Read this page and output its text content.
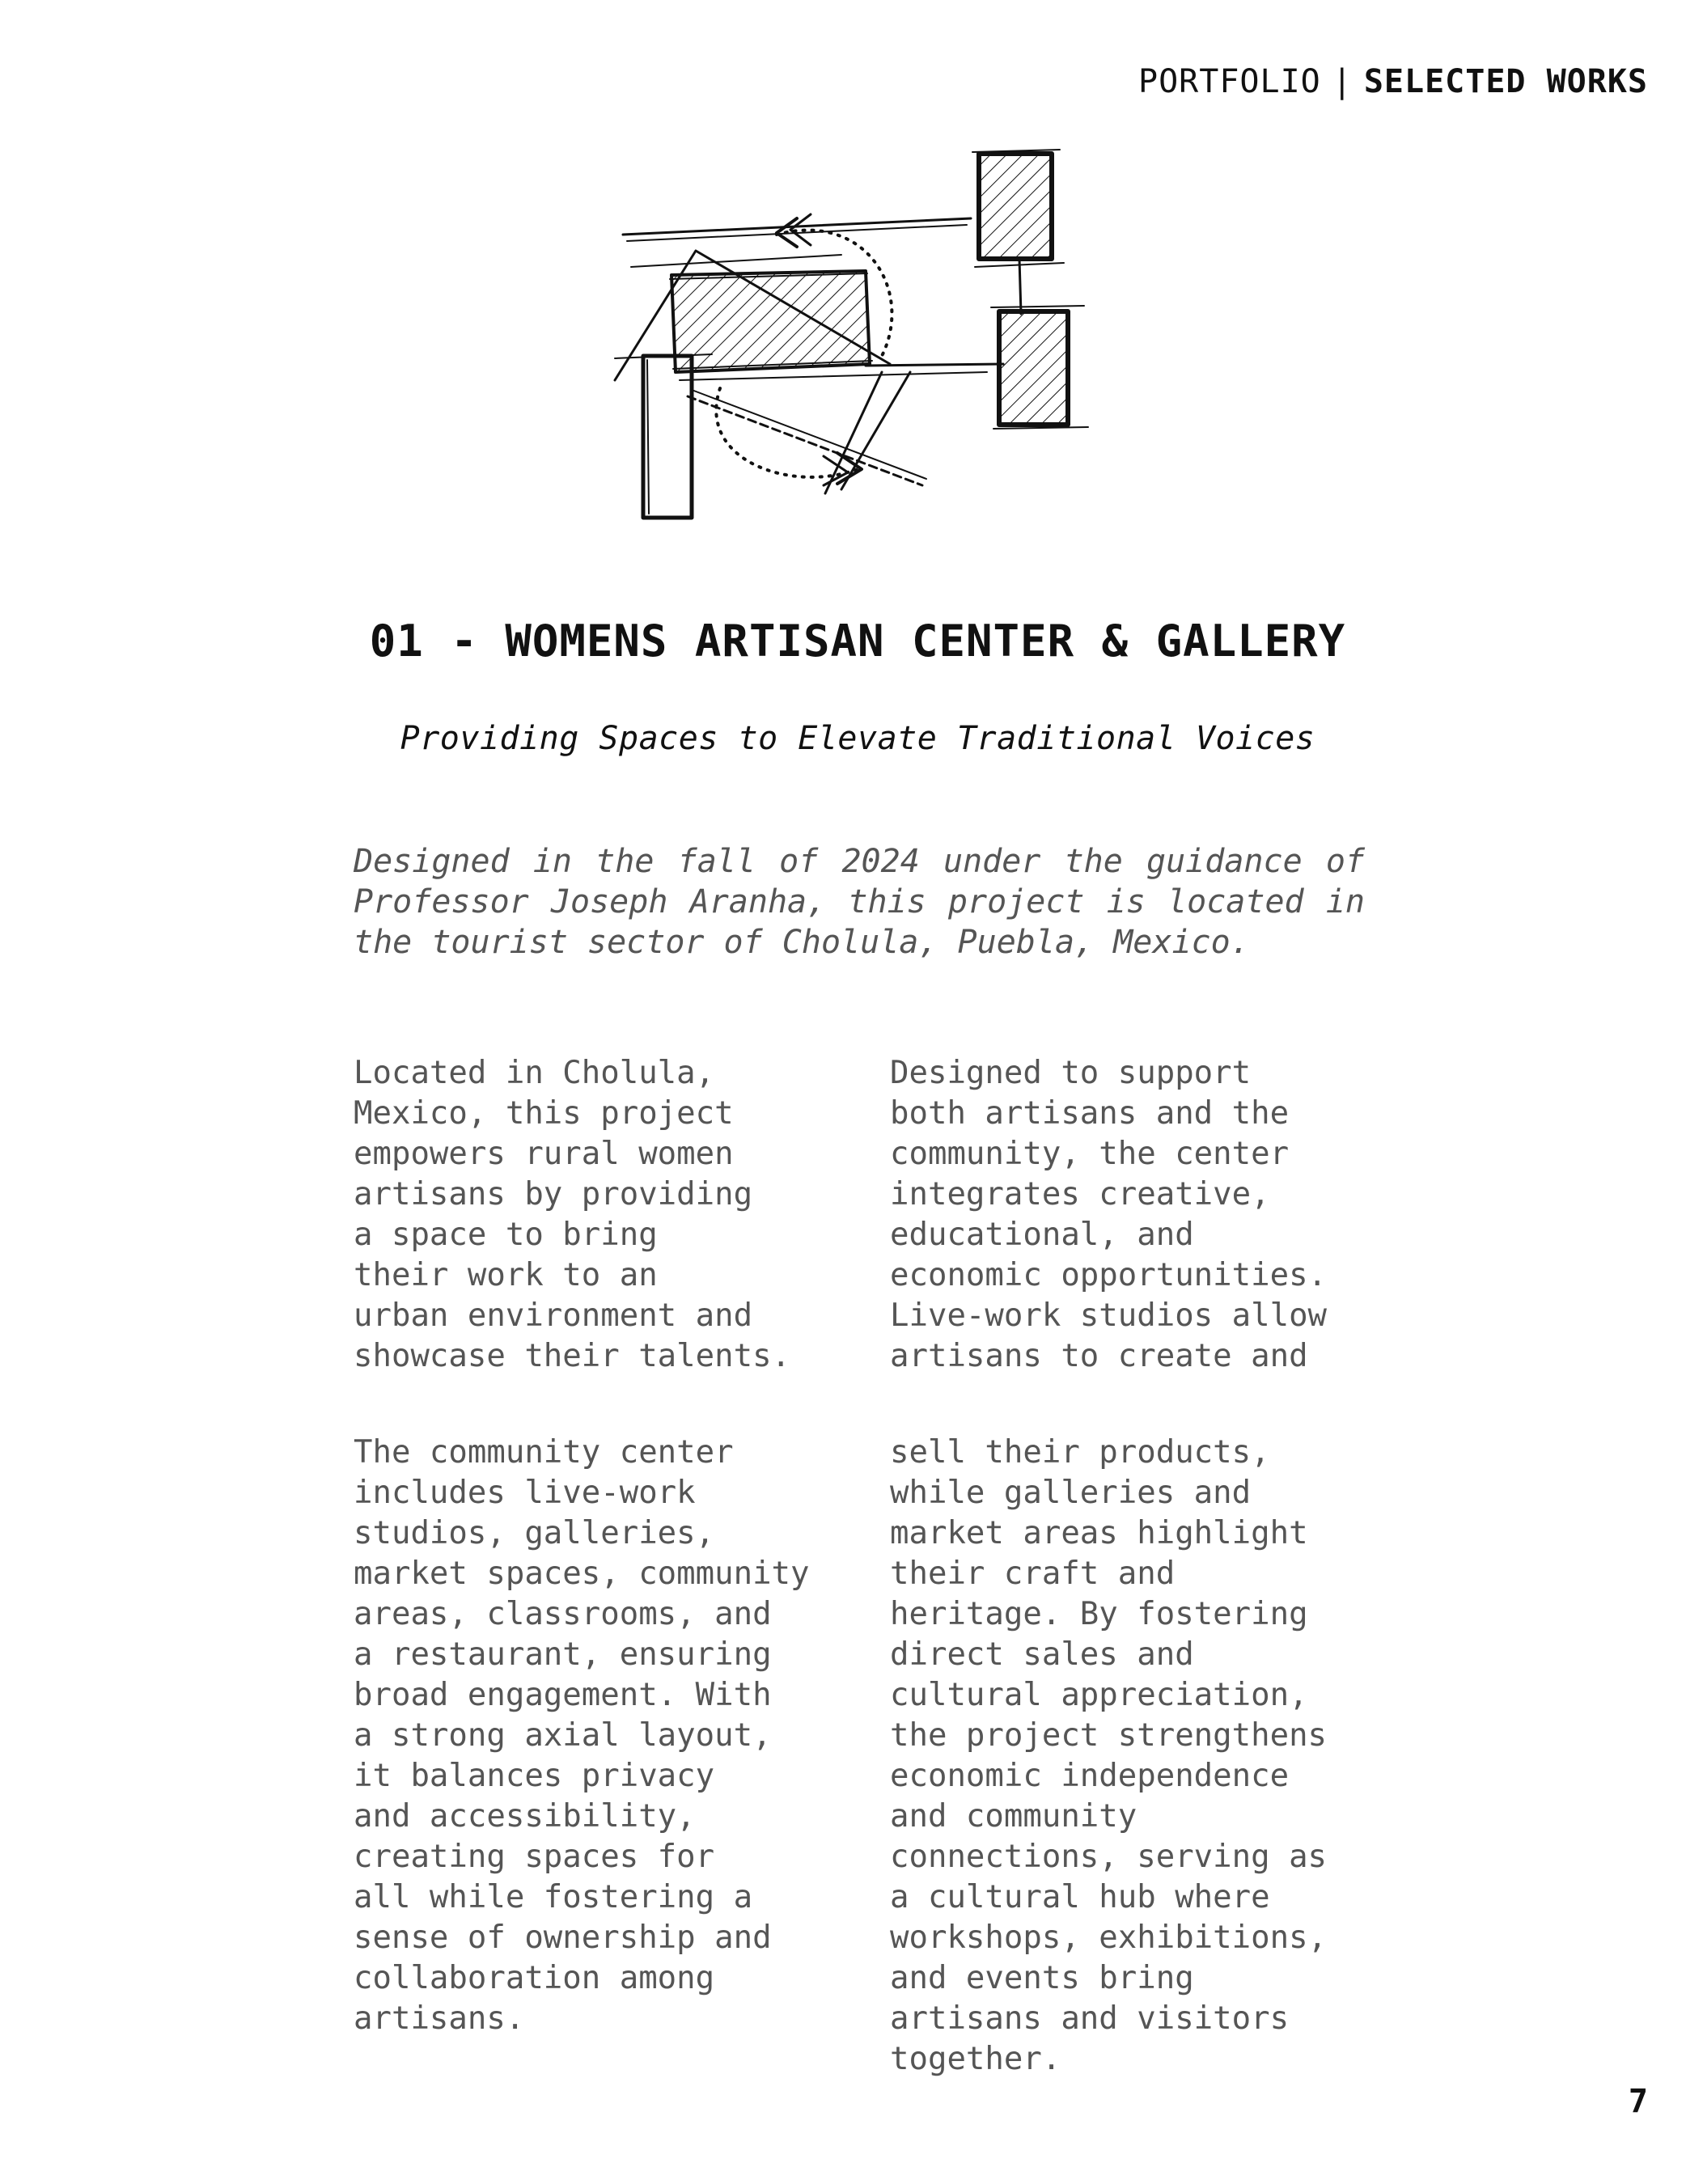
PORTFOLIO | SELECTED WORKS
01 - WOMENS ARTISAN CENTER & GALLERY

Providing Spaces to Elevate Traditional Voices

Designed in the fall of 2024 under the guidance of Professor Joseph Aranha, this project is located in the tourist sector of Cholula, Puebla, Mexico.

Located in Cholula,
Mexico, this project
empowers rural women
artisans by providing
a space to bring
their work to an
urban environment and
showcase their talents.

The community center
includes live-work
studios, galleries,
market spaces, community
areas, classrooms, and
a restaurant, ensuring
broad engagement. With
a strong axial layout,
it balances privacy
and accessibility,
creating spaces for
all while fostering a
sense of ownership and
collaboration among
artisans.

Designed to support
both artisans and the
community, the center
integrates creative,
educational, and
economic opportunities.
Live-work studios allow
artisans to create and

sell their products,
while galleries and
market areas highlight
their craft and
heritage. By fostering
direct sales and
cultural appreciation,
the project strengthens
economic independence
and community
connections, serving as
a cultural hub where
workshops, exhibitions,
and events bring
artisans and visitors
together.

7
